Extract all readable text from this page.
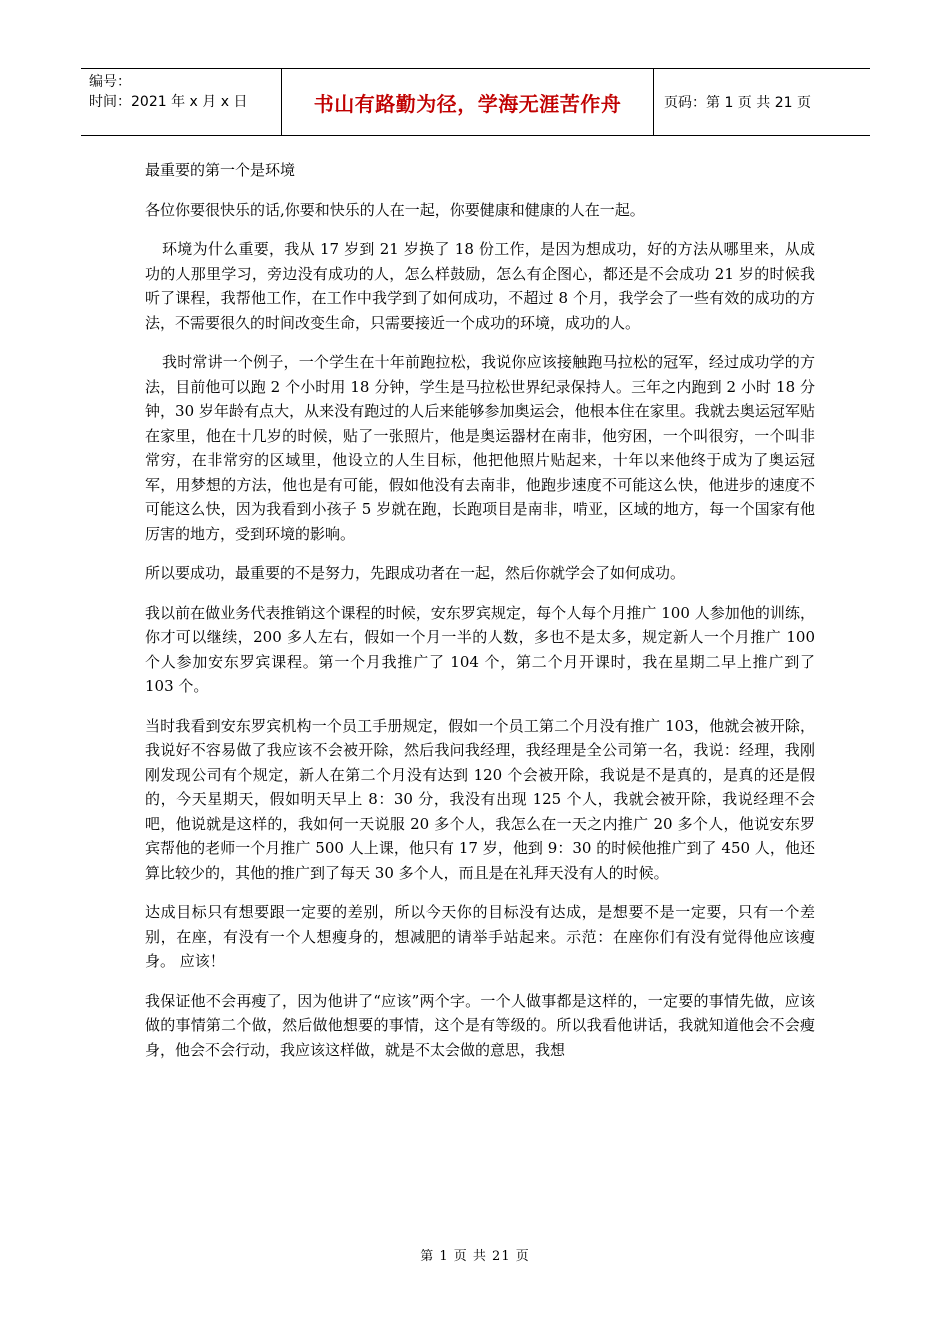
编号：
时间：2021 年 x 月 x 日	书山有路勤为径，学海无涯苦作舟	页码：第 1 页 共 21 页

最重要的第一个是环境

各位你要很快乐的话,你要和快乐的人在一起，你要健康和健康的人在一起。

环境为什么重要，我从 17 岁到 21 岁换了 18 份工作，是因为想成功，好的方法从哪里来，从成功的人那里学习，旁边没有成功的人，怎么样鼓励，怎么有企图心，都还是不会成功 21 岁的时候我听了课程，我帮他工作，在工作中我学到了如何成功，不超过 8 个月，我学会了一些有效的成功的方法，不需要很久的时间改变生命，只需要接近一个成功的环境，成功的人。

我时常讲一个例子，一个学生在十年前跑拉松，我说你应该接触跑马拉松的冠军，经过成功学的方法，目前他可以跑 2 个小时用 18 分钟，学生是马拉松世界纪录保持人。三年之内跑到 2 小时 18 分钟，30 岁年龄有点大，从来没有跑过的人后来能够参加奥运会，他根本住在家里。我就去奥运冠军贴在家里，他在十几岁的时候，贴了一张照片，他是奥运器材在南非，他穷困，一个叫很穷，一个叫非常穷，在非常穷的区域里，他设立的人生目标，他把他照片贴起来，十年以来他终于成为了奥运冠军，用梦想的方法，他也是有可能，假如他没有去南非，他跑步速度不可能这么快，他进步的速度不可能这么快，因为我看到小孩子 5 岁就在跑，长跑项目是南非，啃亚，区域的地方，每一个国家有他厉害的地方，受到环境的影响。

所以要成功，最重要的不是努力，先跟成功者在一起，然后你就学会了如何成功。

我以前在做业务代表推销这个课程的时候，安东罗宾规定，每个人每个月推广 100 人参加他的训练，你才可以继续，200 多人左右，假如一个月一半的人数，多也不是太多，规定新人一个月推广 100 个人参加安东罗宾课程。第一个月我推广了 104 个，第二个月开课时，我在星期二早上推广到了 103 个。

当时我看到安东罗宾机构一个员工手册规定，假如一个员工第二个月没有推广 103，他就会被开除，我说好不容易做了我应该不会被开除，然后我问我经理，我经理是全公司第一名，我说：经理，我刚刚发现公司有个规定，新人在第二个月没有达到 120 个会被开除，我说是不是真的，是真的还是假的，今天星期天，假如明天早上 8：30 分，我没有出现 125 个人，我就会被开除，我说经理不会吧，他说就是这样的，我如何一天说服 20 多个人，我怎么在一天之内推广 20 多个人，他说安东罗宾帮他的老师一个月推广 500 人上课，他只有 17 岁，他到 9：30 的时候他推广到了 450 人，他还算比较少的，其他的推广到了每天 30 多个人，而且是在礼拜天没有人的时候。

达成目标只有想要跟一定要的差别，所以今天你的目标没有达成，是想要不是一定要，只有一个差别，在座，有没有一个人想瘦身的，想减肥的请举手站起来。示范：在座你们有没有觉得他应该瘦身。 应该！

我保证他不会再瘦了，因为他讲了“应该”两个字。一个人做事都是这样的，一定要的事情先做，应该做的事情第二个做，然后做他想要的事情，这个是有等级的。所以我看他讲话，我就知道他会不会瘦身，他会不会行动，我应该这样做，就是不太会做的意思，我想

第 1 页 共 21 页
